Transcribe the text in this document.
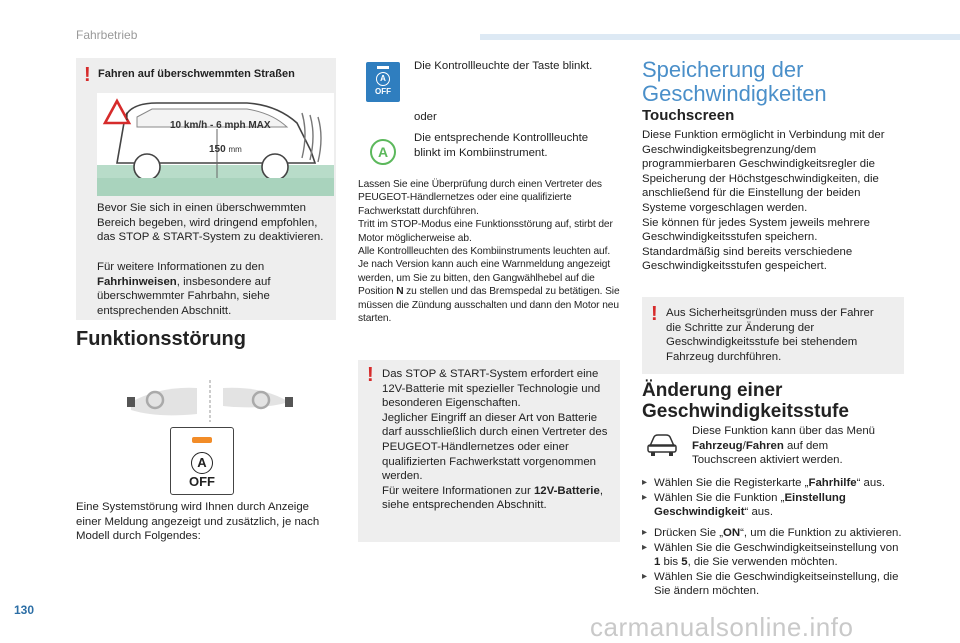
Fahrbetrieb
! Fahren auf überschwemmten Straßen
!
10 km/h - 6 mph MAX
150 mm
Bevor Sie sich in einen überschwemmten Bereich begeben, wird dringend empfohlen, das STOP & START-System zu deaktivieren.
Für weitere Informationen zu den Fahrhinweisen, insbesondere auf überschwemmter Fahrbahn, siehe entsprechenden Abschnitt.
Funktionsstörung
A
OFF
Eine Systemstörung wird Ihnen durch Anzeige einer Meldung angezeigt und zusätzlich, je nach Modell durch Folgendes:
A
OFF
Die Kontrollleuchte der Taste blinkt.
oder
A
Die entsprechende Kontrollleuchte blinkt im Kombiinstrument.
Lassen Sie eine Überprüfung durch einen Vertreter des PEUGEOT-Händlernetzes oder eine qualifizierte Fachwerkstatt durchführen.
Tritt im STOP-Modus eine Funktionsstörung auf, stirbt der Motor möglicherweise ab.
Alle Kontrollleuchten des Kombiinstruments leuchten auf. Je nach Version kann auch eine Warnmeldung angezeigt werden, um Sie zu bitten, den Gangwählhebel auf die Position N zu stellen und das Bremspedal zu betätigen. Sie müssen die Zündung ausschalten und dann den Motor neu starten.
! Das STOP & START-System erfordert eine 12V-Batterie mit spezieller Technologie und besonderen Eigenschaften.
Jeglicher Eingriff an dieser Art von Batterie darf ausschließlich durch einen Vertreter des PEUGEOT-Händlernetzes oder einer qualifizierten Fachwerkstatt vorgenommen werden.
Für weitere Informationen zur 12V-Batterie, siehe entsprechenden Abschnitt.
Speicherung der
Geschwindigkeiten
Touchscreen
Diese Funktion ermöglicht in Verbindung mit der Geschwindigkeitsbegrenzung/dem programmierbaren Geschwindigkeitsregler die Speicherung der Höchstgeschwindigkeiten, die anschließend für die Einstellung der beiden Systeme vorgeschlagen werden.
Sie können für jedes System jeweils mehrere Geschwindigkeitsstufen speichern.
Standardmäßig sind bereits verschiedene Geschwindigkeitsstufen gespeichert.
! Aus Sicherheitsgründen muss der Fahrer die Schritte zur Änderung der Geschwindigkeitsstufe bei stehendem Fahrzeug durchführen.
Änderung einer
Geschwindigkeitsstufe
Diese Funktion kann über das Menü Fahrzeug/Fahren auf dem Touchscreen aktiviert werden.
▸ Wählen Sie die Registerkarte „Fahrhilfe“ aus.
▸ Wählen Sie die Funktion „Einstellung Geschwindigkeit“ aus.
▸ Drücken Sie „ON“, um die Funktion zu aktivieren.
▸ Wählen Sie die Geschwindigkeitseinstellung von 1 bis 5, die Sie verwenden möchten.
▸ Wählen Sie die Geschwindigkeitseinstellung, die Sie ändern möchten.
130
carmanualsonline.info
